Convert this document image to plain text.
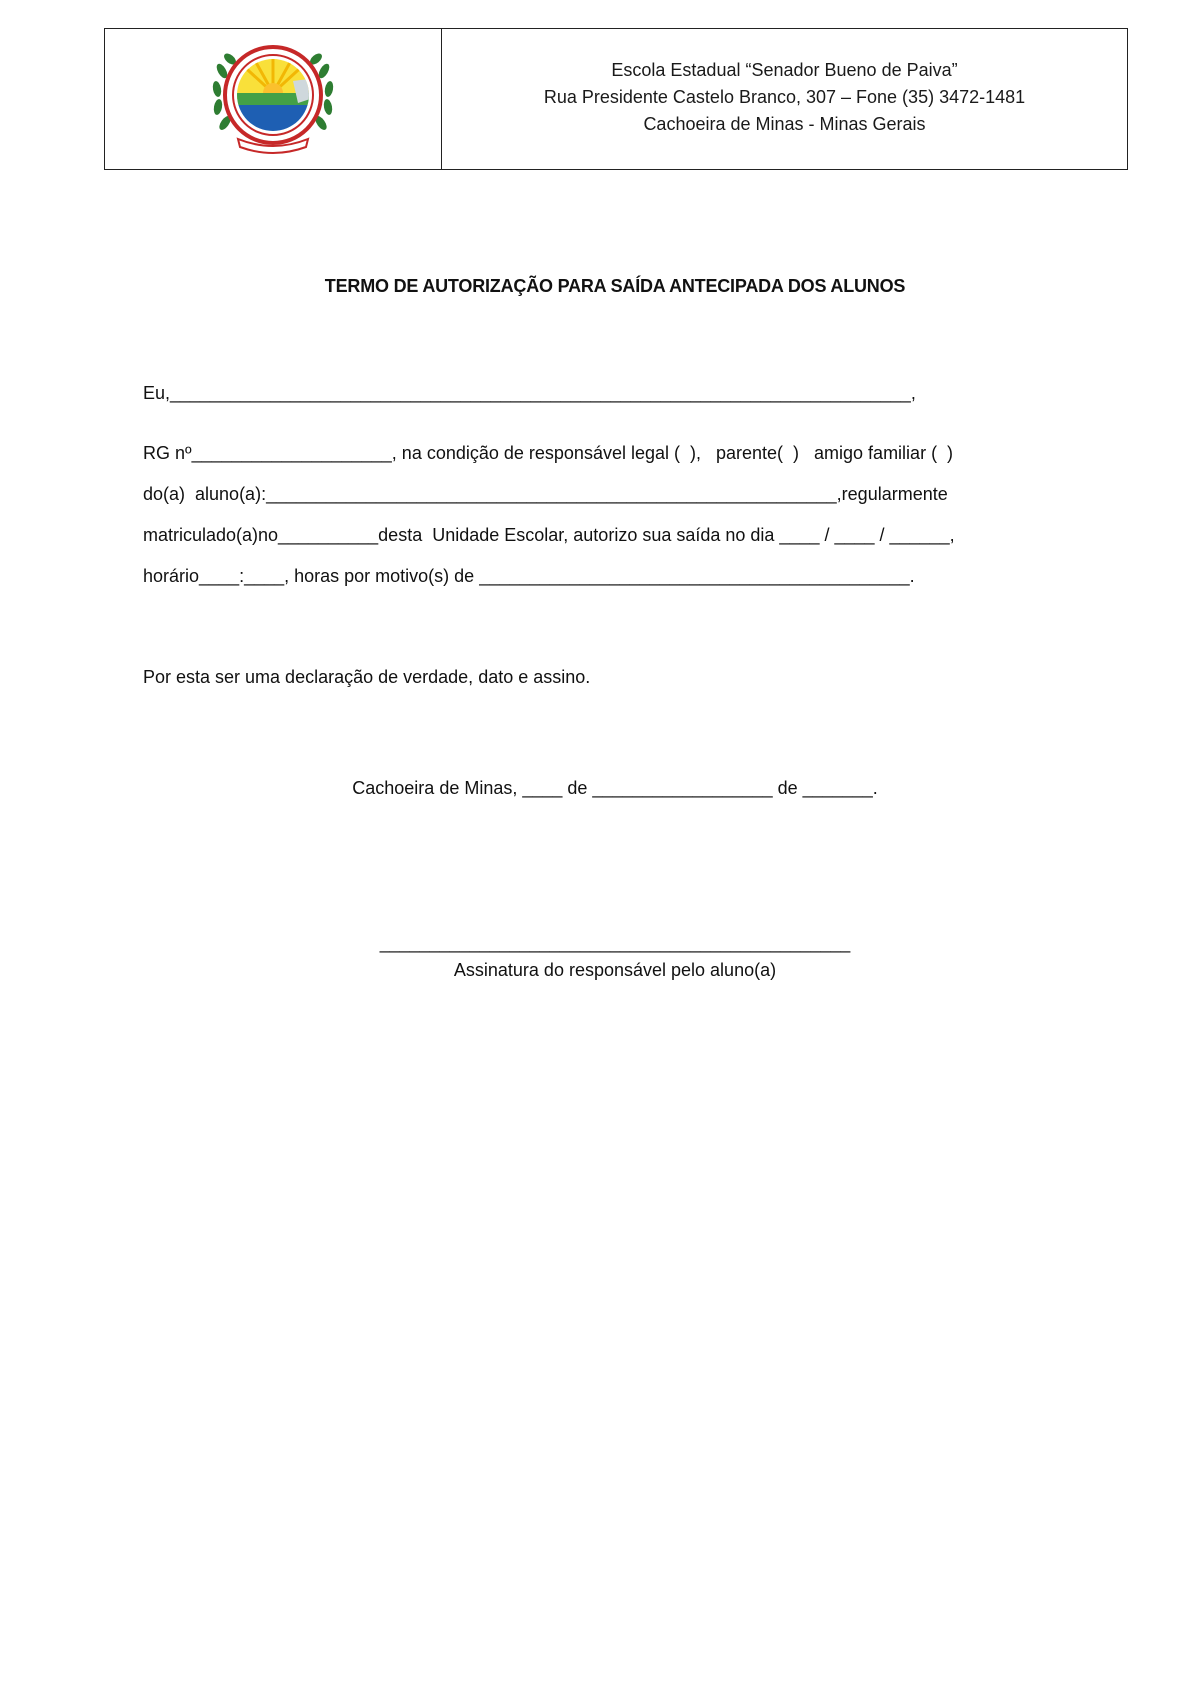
Escola Estadual “Senador Bueno de Paiva”
Rua Presidente Castelo Branco, 307 – Fone (35) 3472-1481
Cachoeira de Minas - Minas Gerais
TERMO DE AUTORIZAÇÃO PARA SAÍDA ANTECIPADA DOS ALUNOS
Eu,__________________________________________________________________________,
RG nº____________________, na condição de responsável legal (  ),   parente(  )   amigo familiar (  )
do(a)  aluno(a):_________________________________________________________,regularmente
matriculado(a)no__________desta  Unidade Escolar, autorizo sua saída no dia ____ / ____ / ______,
horário____:____, horas por motivo(s) de ___________________________________________.
Por esta ser uma declaração de verdade, dato e assino.
Cachoeira de Minas, ____ de __________________ de _______.
_______________________________________________
Assinatura do responsável pelo aluno(a)
